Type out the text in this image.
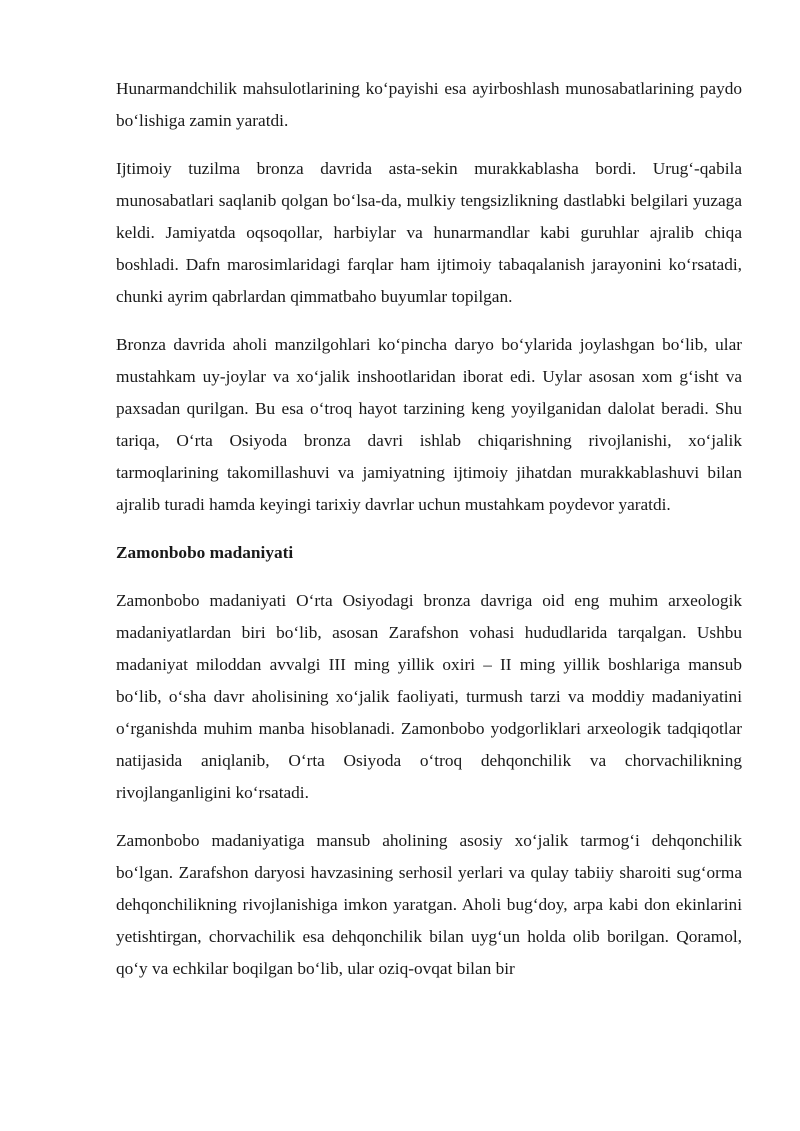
Hunarmandchilik mahsulotlarining koʻpayishi esa ayirboshlash munosabatlarining paydo boʻlishiga zamin yaratdi.

Ijtimoiy tuzilma bronza davrida asta-sekin murakkablasha bordi. Urugʻ-qabila munosabatlari saqlanib qolgan boʻlsa-da, mulkiy tengsizlikning dastlabki belgilari yuzaga keldi. Jamiyatda oqsoqollar, harbiylar va hunarmandlar kabi guruhlar ajralib chiqa boshladi. Dafn marosimlaridagi farqlar ham ijtimoiy tabaqalanish jarayonini koʻrsatadi, chunki ayrim qabrlardan qimmatbaho buyumlar topilgan.

Bronza davrida aholi manzilgohlari koʻpincha daryo boʻylarida joylashgan boʻlib, ular mustahkam uy-joylar va xoʻjalik inshootlaridan iborat edi. Uylar asosan xom gʻisht va paxsadan qurilgan. Bu esa oʻtroq hayot tarzining keng yoyilganidan dalolat beradi. Shu tariqa, Oʻrta Osiyoda bronza davri ishlab chiqarishning rivojlanishi, xoʻjalik tarmoqlarining takomillashuvi va jamiyatning ijtimoiy jihatdan murakkablashuvi bilan ajralib turadi hamda keyingi tarixiy davrlar uchun mustahkam poydevor yaratdi.

Zamonbobo madaniyati

Zamonbobo madaniyati Oʻrta Osiyodagi bronza davriga oid eng muhim arxeologik madaniyatlardan biri boʻlib, asosan Zarafshon vohasi hududlarida tarqalgan. Ushbu madaniyat miloddan avvalgi III ming yillik oxiri – II ming yillik boshlariga mansub boʻlib, oʻsha davr aholisining xoʻjalik faoliyati, turmush tarzi va moddiy madaniyatini oʻrganishda muhim manba hisoblanadi. Zamonbobo yodgorliklari arxeologik tadqiqotlar natijasida aniqlanib, Oʻrta Osiyoda oʻtroq dehqonchilik va chorvachilikning rivojlanganligini koʻrsatadi.

Zamonbobo madaniyatiga mansub aholining asosiy xoʻjalik tarmogʻi dehqonchilik boʻlgan. Zarafshon daryosi havzasining serhosil yerlari va qulay tabiiy sharoiti sugʻorma dehqonchilikning rivojlanishiga imkon yaratgan. Aholi bugʻdoy, arpa kabi don ekinlarini yetishtirgan, chorvachilik esa dehqonchilik bilan uygʻun holda olib borilgan. Qoramol, qoʻy va echkilar boqilgan boʻlib, ular oziq-ovqat bilan bir
